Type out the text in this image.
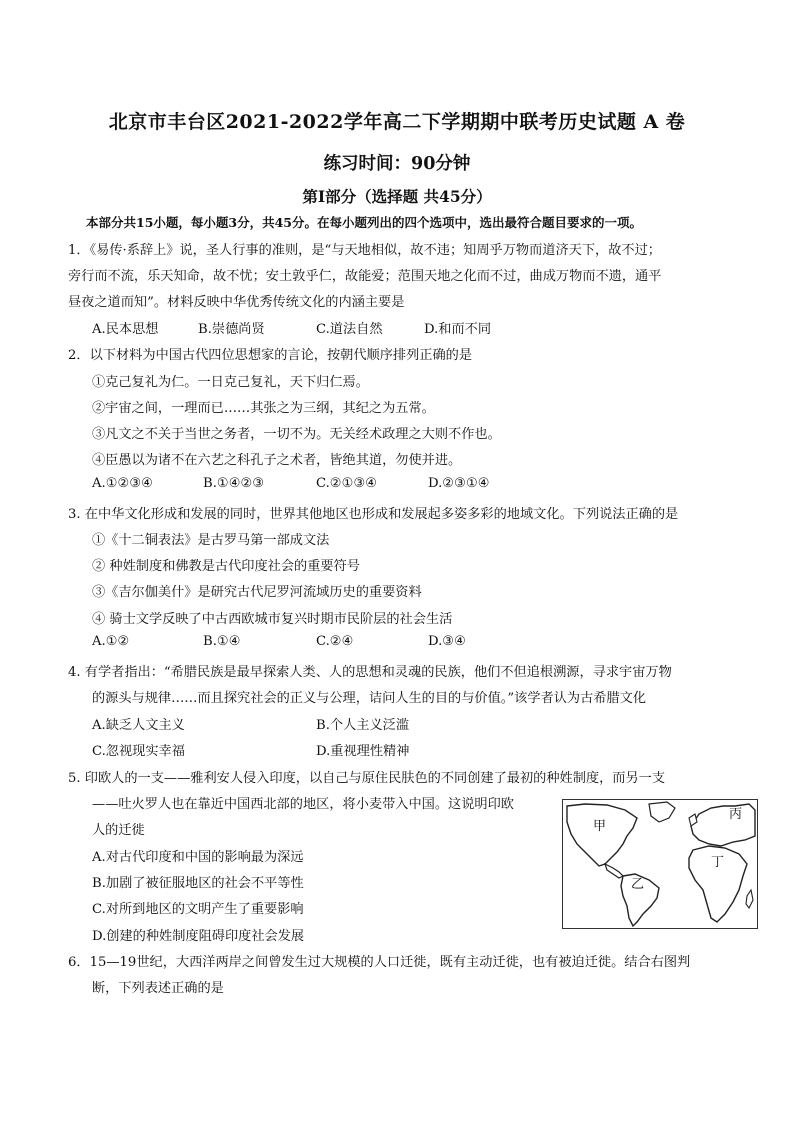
北京市丰台区2021-2022学年高二下学期期中联考历史试题 A 卷
练习时间：90分钟
第Ⅰ部分（选择题 共45分）
本部分共15小题，每小题3分，共45分。在每小题列出的四个选项中，选出最符合题目要求的一项。
1．《易传·系辞上》说，圣人行事的准则，是“与天地相似，故不违；知周乎万物而道济天下，故不过；
旁行而不流，乐天知命，故不忧；安土敦乎仁，故能爱；范围天地之化而不过，曲成万物而不遗，通平
昼夜之道而知”。材料反映中华优秀传统文化的内涵主要是
A.民本思想	B.崇德尚贤	C.道法自然	D.和而不同
2．以下材料为中国古代四位思想家的言论，按朝代顺序排列正确的是
①克己复礼为仁。一日克己复礼，天下归仁焉。
②宇宙之间，一理而已……其张之为三纲，其纪之为五常。
③凡文之不关于当世之务者，一切不为。无关经术政理之大则不作也。
④臣愚以为诸不在六艺之科孔子之术者，皆绝其道，勿使并进。
A.①②③④	B.①④②③	C.②①③④	D.②③①④
3. 在中华文化形成和发展的同时，世界其他地区也形成和发展起多姿多彩的地域文化。下列说法正确的是
①《十二铜表法》是古罗马第一部成文法
② 种姓制度和佛教是古代印度社会的重要符号
③《吉尔伽美什》是研究古代尼罗河流域历史的重要资料
④ 骑士文学反映了中古西欧城市复兴时期市民阶层的社会生活
A.①②	B.①④	C.②④	D.③④
4. 有学者指出：“希腊民族是最早探索人类、人的思想和灵魂的民族，他们不但追根溯源，寻求宇宙万物
的源头与规律……而且探究社会的正义与公理，诘问人生的目的与价值。”该学者认为古希腊文化
A.缺乏人文主义	B.个人主义泛滥
C.忽视现实幸福	D.重视理性精神
5. 印欧人的一支——雅利安人侵入印度，以自己与原住民肤色的不同创建了最初的种姓制度，而另一支
——吐火罗人也在靠近中国西北部的地区，将小麦带入中国。这说明印欧
人的迁徙
A.对古代印度和中国的影响最为深远
B.加剧了被征服地区的社会不平等性
C.对所到地区的文明产生了重要影响
D.创建的种姓制度阻碍印度社会发展
甲
乙
丙
丁
6．15—19世纪，大西洋两岸之间曾发生过大规模的人口迁徙，既有主动迁徙，也有被迫迁徙。结合右图判
断，下列表述正确的是
